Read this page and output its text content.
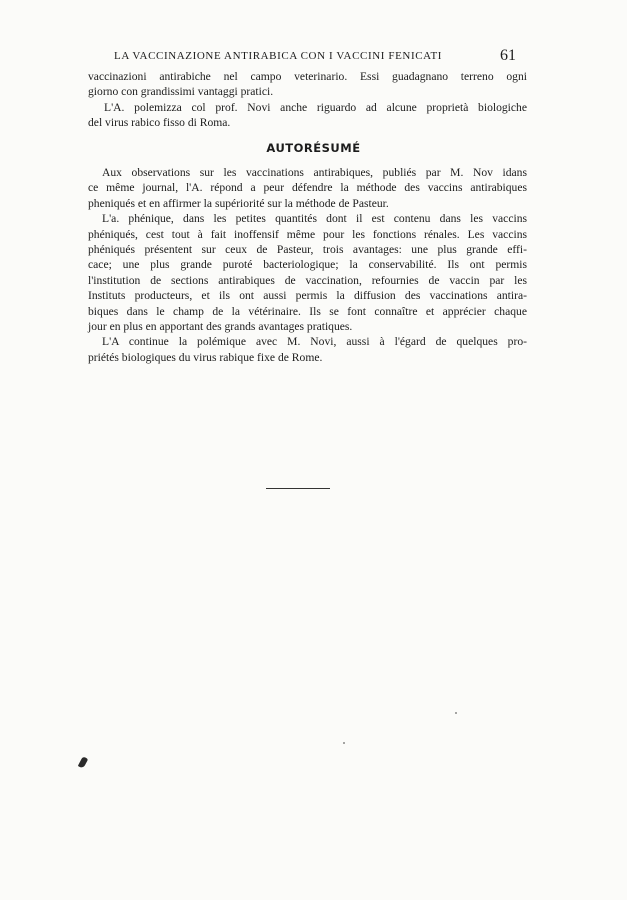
LA VACCINAZIONE ANTIRABICA CON I VACCINI FENICATI	61
vaccinazioni antirabiche nel campo veterinario. Essi guadagnano terreno ogni
giorno con grandissimi vantaggi pratici.
L'A. polemizza col prof. Novi anche riguardo ad alcune proprietà biologiche
del virus rabico fisso di Roma.
AUTORÉSUMÉ
Aux observations sur les vaccinations antirabiques, publiés par M. Nov idans
ce même journal, l'A. répond a peur défendre la méthode des vaccins antirabiques
pheniqués et en affirmer la supériorité sur la méthode de Pasteur.
L'a. phénique, dans les petites quantités dont il est contenu dans les vaccins
phéniqués, cest tout à fait inoffensif même pour les fonctions rénales. Les vaccins
phéniqués présentent sur ceux de Pasteur, trois avantages: une plus grande effi-
cace; une plus grande puroté bacteriologique; la conservabilité. Ils ont permis
l'institution de sections antirabiques de vaccination, refournies de vaccin par les
Instituts producteurs, et ils ont aussi permis la diffusion des vaccinations antira-
biques dans le champ de la vétérinaire. Ils se font connaître et apprécier chaque
jour en plus en apportant des grands avantages pratiques.
L'A continue la polémique avec M. Novi, aussi à l'égard de quelques pro-
priétés biologiques du virus rabique fixe de Rome.
